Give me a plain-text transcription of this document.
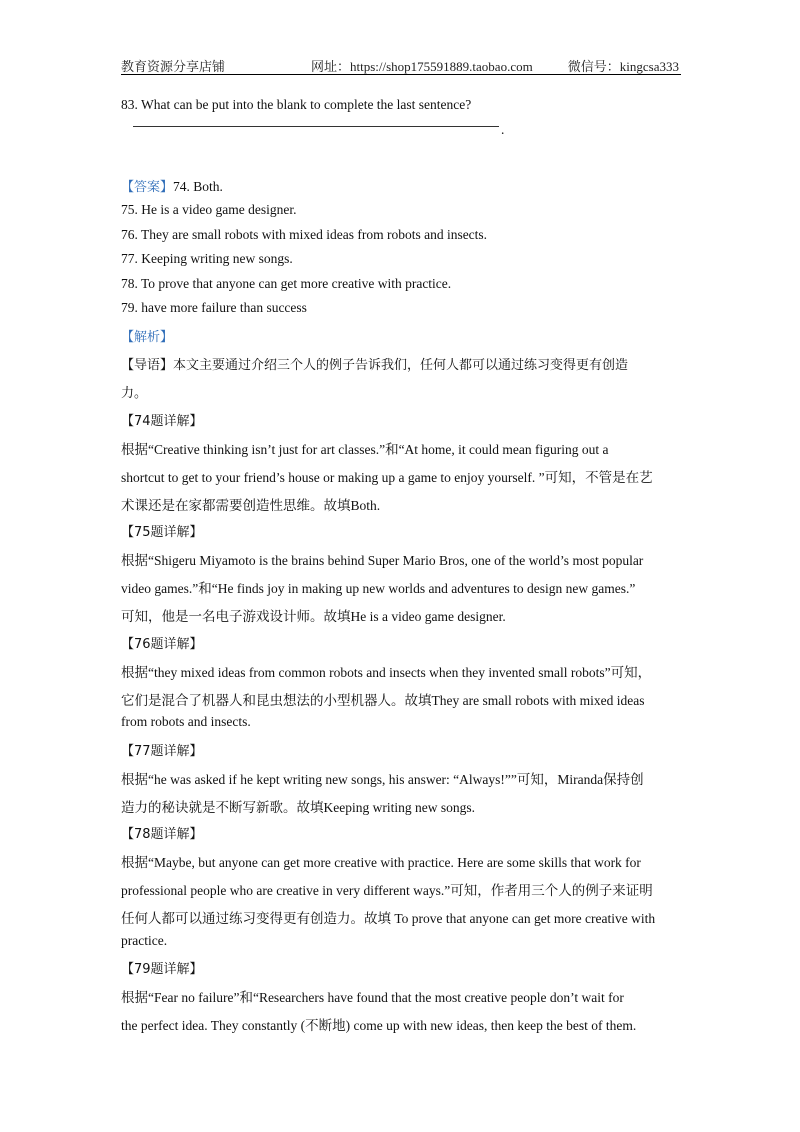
教育资源分享店铺	网址：https://shop175591889.taobao.com	微信号：kingcsa333
83. What can be put into the blank to complete the last sentence?
.
【答案】74. Both.
75. He is a video game designer.
76. They are small robots with mixed ideas from robots and insects.
77. Keeping writing new songs.
78. To prove that anyone can get more creative with practice.
79. have more failure than success
【解析】
【导语】本文主要通过介绍三个人的例子告诉我们，任何人都可以通过练习变得更有创造
力。
【74题详解】
根据“Creative thinking isn’t just for art classes.”和“At home, it could mean figuring out a
shortcut to get to your friend’s house or making up a game to enjoy yourself. ”可知，不管是在艺
术课还是在家都需要创造性思维。故填Both.
【75题详解】
根据“Shigeru Miyamoto is the brains behind Super Mario Bros, one of the world’s most popular
video games.”和“He finds joy in making up new worlds and adventures to design new games.”
可知，他是一名电子游戏设计师。故填He is a video game designer.
【76题详解】
根据“they mixed ideas from common robots and insects when they invented small robots”可知，
它们是混合了机器人和昆虫想法的小型机器人。故填They are small robots with mixed ideas
from robots and insects.
【77题详解】
根据“he was asked if he kept writing new songs, his answer: “Always!””可知，Miranda保持创
造力的秘诀就是不断写新歌。故填Keeping writing new songs.
【78题详解】
根据“Maybe, but anyone can get more creative with practice. Here are some skills that work for
professional people who are creative in very different ways.”可知，作者用三个人的例子来证明
任何人都可以通过练习变得更有创造力。故填 To prove that anyone can get more creative with
practice.
【79题详解】
根据“Fear no failure”和“Researchers have found that the most creative people don’t wait for
the perfect idea. They constantly (不断地) come up with new ideas, then keep the best of them.
